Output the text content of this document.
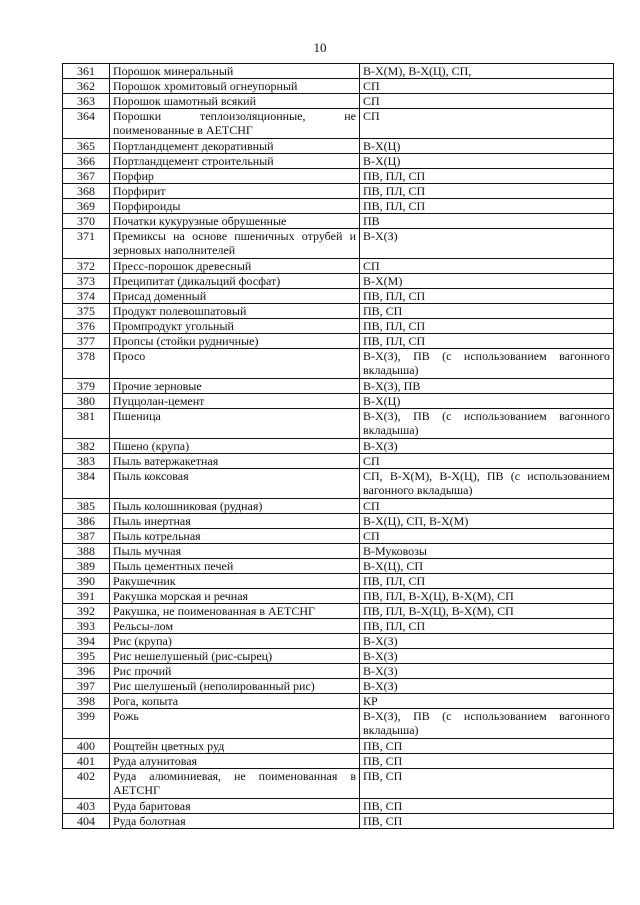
10
361	Порошок минеральный	В-Х(М), В-Х(Ц), СП,
362	Порошок хромитовый огнеупорный	СП
363	Порошок шамотный всякий	СП
364	Порошки теплоизоляционные, не поименованные в АЕТСНГ	СП
365	Портландцемент декоративный	В-Х(Ц)
366	Портландцемент строительный	В-Х(Ц)
367	Порфир	ПВ, ПЛ, СП
368	Порфирит	ПВ, ПЛ, СП
369	Порфироиды	ПВ, ПЛ, СП
370	Початки кукурузные обрушенные	ПВ
371	Премиксы на основе пшеничных отрубей и зерновых наполнителей	В-Х(З)
372	Пресс-порошок древесный	СП
373	Преципитат (дикальций фосфат)	В-Х(М)
374	Присад доменный	ПВ, ПЛ, СП
375	Продукт полевошпатовый	ПВ, СП
376	Промпродукт угольный	ПВ, ПЛ, СП
377	Пропсы (стойки рудничные)	ПВ, ПЛ, СП
378	Просо	В-Х(З), ПВ (с использованием вагонного вкладыша)
379	Прочие зерновые	В-Х(З), ПВ
380	Пуццолан-цемент	В-Х(Ц)
381	Пшеница	В-Х(З), ПВ (с использованием вагонного вкладыша)
382	Пшено (крупа)	В-Х(З)
383	Пыль ватержакетная	СП
384	Пыль коксовая	СП, В-Х(М), В-Х(Ц), ПВ (с использованием вагонного вкладыша)
385	Пыль колошниковая (рудная)	СП
386	Пыль инертная	В-Х(Ц), СП, В-Х(М)
387	Пыль котрельная	СП
388	Пыль мучная	В-Муковозы
389	Пыль цементных печей	В-Х(Ц), СП
390	Ракушечник	ПВ, ПЛ, СП
391	Ракушка морская и речная	ПВ, ПЛ, В-Х(Ц), В-Х(М), СП
392	Ракушка, не поименованная в АЕТСНГ	ПВ, ПЛ, В-Х(Ц), В-Х(М), СП
393	Рельсы-лом	ПВ, ПЛ, СП
394	Рис (крупа)	В-Х(З)
395	Рис нешелушеный (рис-сырец)	В-Х(З)
396	Рис прочий	В-Х(З)
397	Рис шелушеный (неполированный рис)	В-Х(З)
398	Рога, копыта	КР
399	Рожь	В-Х(З), ПВ (с использованием вагонного вкладыша)
400	Рощтейн цветных руд	ПВ, СП
401	Руда алунитовая	ПВ, СП
402	Руда алюминиевая, не поименованная в АЕТСНГ	ПВ, СП
403	Руда баритовая	ПВ, СП
404	Руда болотная	ПВ, СП
